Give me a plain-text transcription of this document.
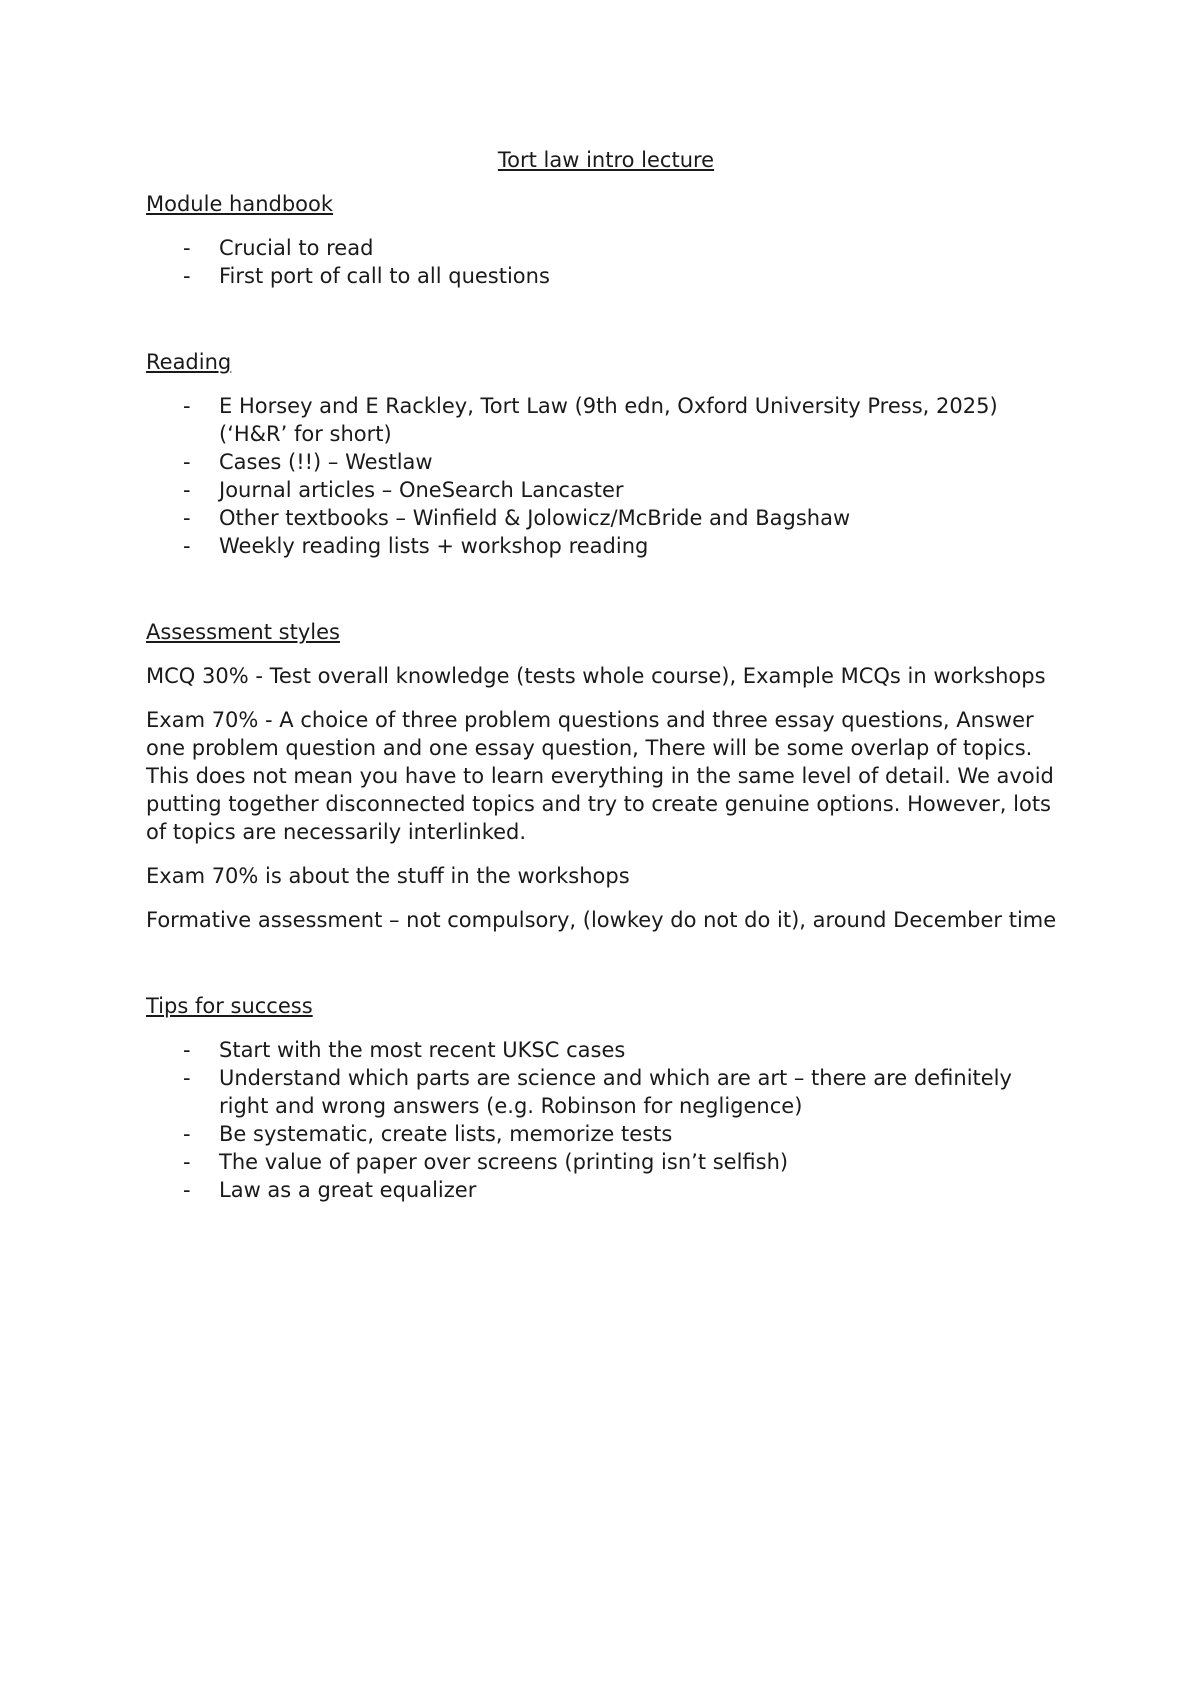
Tort law intro lecture
Module handbook
-	Crucial to read
-	First port of call to all questions
Reading
-	E Horsey and E Rackley, Tort Law (9th edn, Oxford University Press, 2025) (‘H&R’ for short)
-	Cases (!!) – Westlaw
-	Journal articles – OneSearch Lancaster
-	Other textbooks – Winfield & Jolowicz/McBride and Bagshaw
-	Weekly reading lists + workshop reading
Assessment styles

MCQ 30% - Test overall knowledge (tests whole course), Example MCQs in workshops

Exam 70% - A choice of three problem questions and three essay questions, Answer one problem question and one essay question, There will be some overlap of topics. This does not mean you have to learn everything in the same level of detail. We avoid putting together disconnected topics and try to create genuine options. However, lots of topics are necessarily interlinked.

Exam 70% is about the stuff in the workshops

Formative assessment – not compulsory, (lowkey do not do it), around December time

Tips for success
-	Start with the most recent UKSC cases
-	Understand which parts are science and which are art – there are definitely right and wrong answers (e.g. Robinson for negligence)
-	Be systematic, create lists, memorize tests
-	The value of paper over screens (printing isn’t selfish)
-	Law as a great equalizer
